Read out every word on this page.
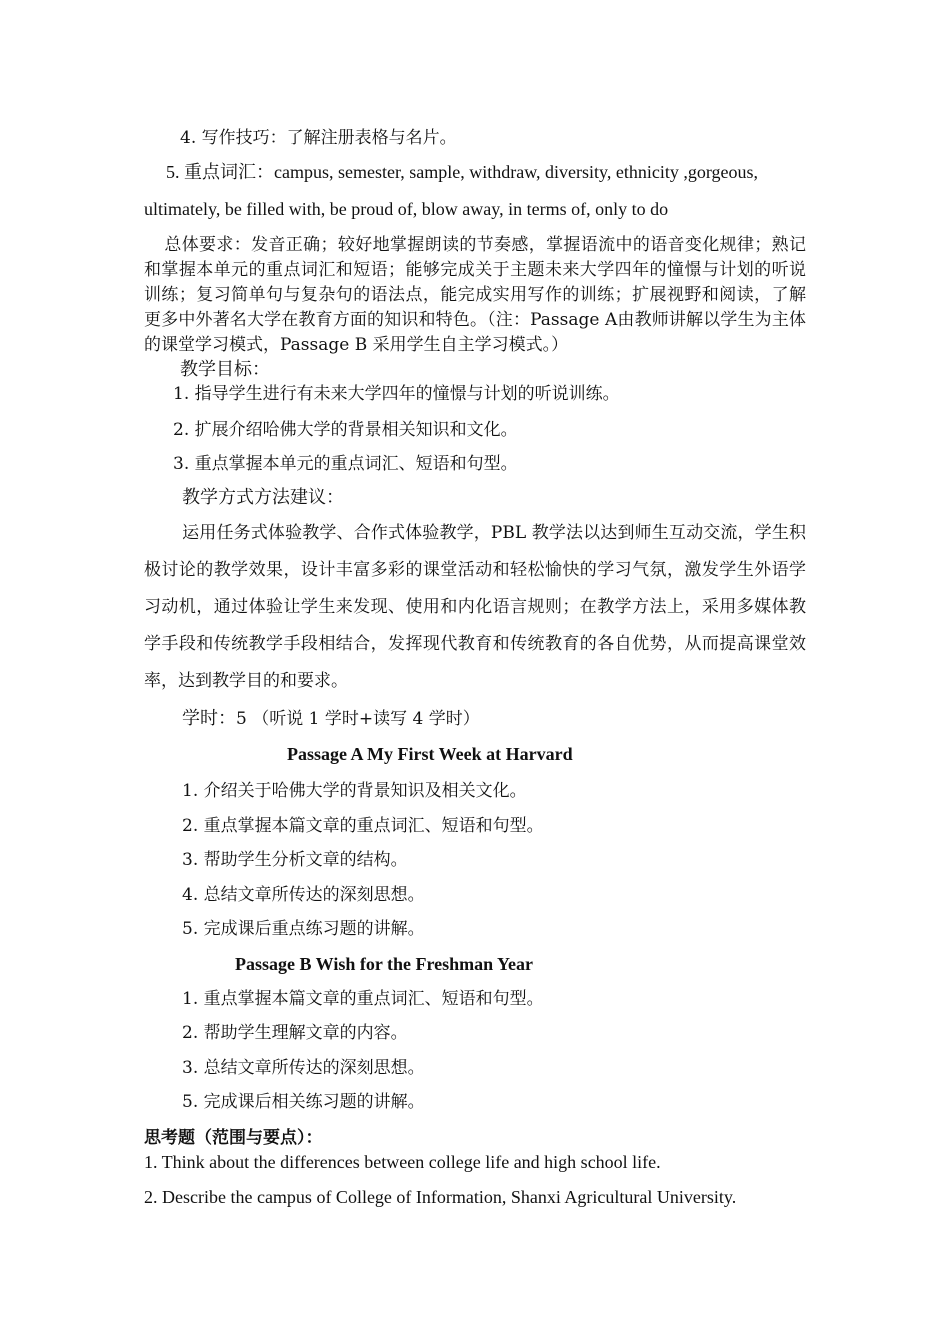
4. 写作技巧：了解注册表格与名片。
5. 重点词汇：campus, semester, sample, withdraw, diversity, ethnicity ,gorgeous,
ultimately, be filled with, be proud of, blow away, in terms of, only to do
总体要求：发音正确；较好地掌握朗读的节奏感，掌握语流中的语音变化规律；熟记和掌握本单元的重点词汇和短语；能够完成关于主题未来大学四年的憧憬与计划的听说训练；复习简单句与复杂句的语法点，能完成实用写作的训练；扩展视野和阅读，了解更多中外著名大学在教育方面的知识和特色。（注：Passage A由教师讲解以学生为主体的课堂学习模式，Passage B 采用学生自主学习模式。）
教学目标：
1. 指导学生进行有未来大学四年的憧憬与计划的听说训练。
2. 扩展介绍哈佛大学的背景相关知识和文化。
3. 重点掌握本单元的重点词汇、短语和句型。
教学方式方法建议：
运用任务式体验教学、合作式体验教学，PBL 教学法以达到师生互动交流，学生积极讨论的教学效果，设计丰富多彩的课堂活动和轻松愉快的学习气氛，激发学生外语学习动机，通过体验让学生来发现、使用和内化语言规则；在教学方法上，采用多媒体教学手段和传统教学手段相结合，发挥现代教育和传统教育的各自优势，从而提高课堂效率，达到教学目的和要求。
学时：5 （听说 1 学时+读写 4 学时）
Passage A My First Week at Harvard
1. 介绍关于哈佛大学的背景知识及相关文化。
2. 重点掌握本篇文章的重点词汇、短语和句型。
3. 帮助学生分析文章的结构。
4. 总结文章所传达的深刻思想。
5. 完成课后重点练习题的讲解。
Passage B Wish for the Freshman Year
1. 重点掌握本篇文章的重点词汇、短语和句型。
2. 帮助学生理解文章的内容。
3. 总结文章所传达的深刻思想。
5. 完成课后相关练习题的讲解。
思考题（范围与要点）：
1. Think about the differences between college life and high school life.
2. Describe the campus of College of Information, Shanxi Agricultural University.
